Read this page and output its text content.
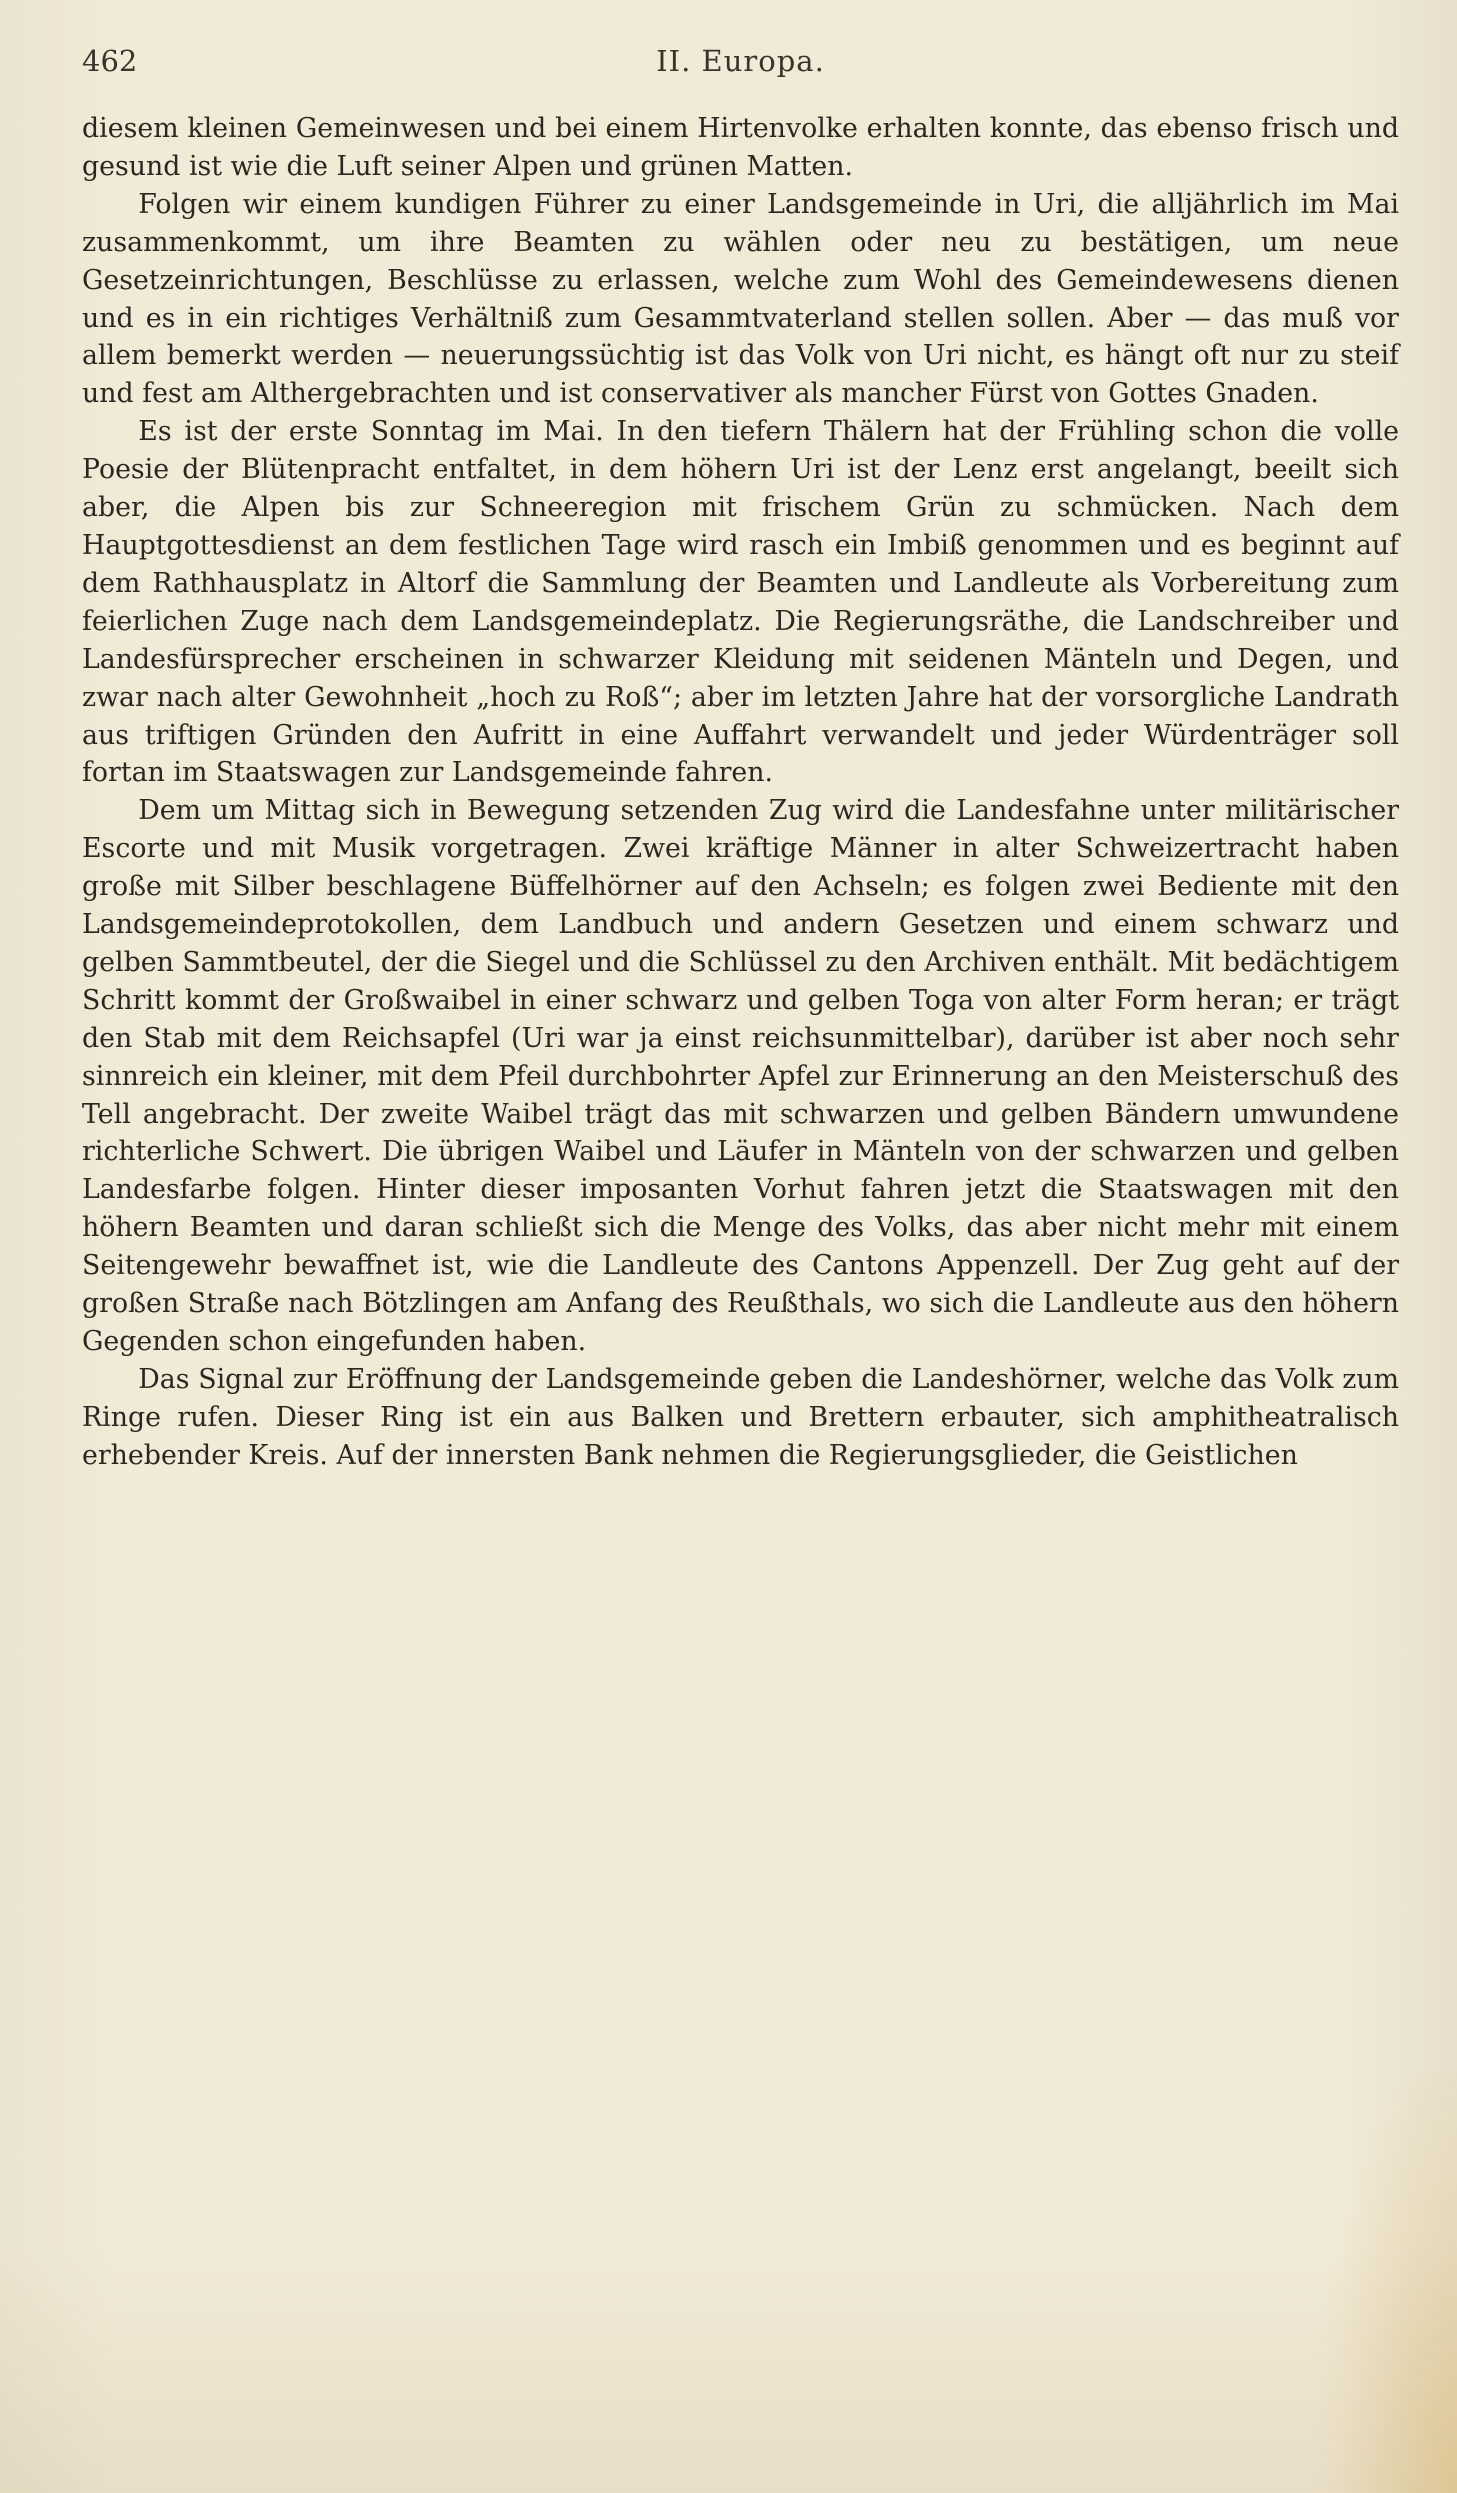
462	II. Europa.

diesem kleinen Gemeinwesen und bei einem Hirtenvolke erhalten konnte, das ebenso frisch und gesund ist wie die Luft seiner Alpen und grünen Matten.

Folgen wir einem kundigen Führer zu einer Landsgemeinde in Uri, die alljährlich im Mai zusammenkommt, um ihre Beamten zu wählen oder neu zu bestätigen, um neue Gesetzeinrichtungen, Beschlüsse zu erlassen, welche zum Wohl des Gemeindewesens dienen und es in ein richtiges Verhältniß zum Gesammtvaterland stellen sollen. Aber — das muß vor allem bemerkt werden — neuerungssüchtig ist das Volk von Uri nicht, es hängt oft nur zu steif und fest am Althergebrachten und ist conservativer als mancher Fürst von Gottes Gnaden.

Es ist der erste Sonntag im Mai. In den tiefern Thälern hat der Frühling schon die volle Poesie der Blütenpracht entfaltet, in dem höhern Uri ist der Lenz erst angelangt, beeilt sich aber, die Alpen bis zur Schneeregion mit frischem Grün zu schmücken. Nach dem Hauptgottesdienst an dem festlichen Tage wird rasch ein Imbiß genommen und es beginnt auf dem Rathhausplatz in Altorf die Sammlung der Beamten und Landleute als Vorbereitung zum feierlichen Zuge nach dem Landsgemeindeplatz. Die Regierungsräthe, die Landschreiber und Landesfürsprecher erscheinen in schwarzer Kleidung mit seidenen Mänteln und Degen, und zwar nach alter Gewohnheit „hoch zu Roß“; aber im letzten Jahre hat der vorsorgliche Landrath aus triftigen Gründen den Aufritt in eine Auffahrt verwandelt und jeder Würdenträger soll fortan im Staatswagen zur Landsgemeinde fahren.

Dem um Mittag sich in Bewegung setzenden Zug wird die Landesfahne unter militärischer Escorte und mit Musik vorgetragen. Zwei kräftige Männer in alter Schweizertracht haben große mit Silber beschlagene Büffelhörner auf den Achseln; es folgen zwei Bediente mit den Landsgemeindeprotokollen, dem Landbuch und andern Gesetzen und einem schwarz und gelben Sammtbeutel, der die Siegel und die Schlüssel zu den Archiven enthält. Mit bedächtigem Schritt kommt der Großwaibel in einer schwarz und gelben Toga von alter Form heran; er trägt den Stab mit dem Reichsapfel (Uri war ja einst reichsunmittelbar), darüber ist aber noch sehr sinnreich ein kleiner, mit dem Pfeil durchbohrter Apfel zur Erinnerung an den Meisterschuß des Tell angebracht. Der zweite Waibel trägt das mit schwarzen und gelben Bändern umwundene richterliche Schwert. Die übrigen Waibel und Läufer in Mänteln von der schwarzen und gelben Landesfarbe folgen. Hinter dieser imposanten Vorhut fahren jetzt die Staatswagen mit den höhern Beamten und daran schließt sich die Menge des Volks, das aber nicht mehr mit einem Seitengewehr bewaffnet ist, wie die Landleute des Cantons Appenzell. Der Zug geht auf der großen Straße nach Bötzlingen am Anfang des Reußthals, wo sich die Landleute aus den höhern Gegenden schon eingefunden haben.

Das Signal zur Eröffnung der Landsgemeinde geben die Landeshörner, welche das Volk zum Ringe rufen. Dieser Ring ist ein aus Balken und Brettern erbauter, sich amphitheatralisch erhebender Kreis. Auf der innersten Bank nehmen die Regierungsglieder, die Geistlichen
